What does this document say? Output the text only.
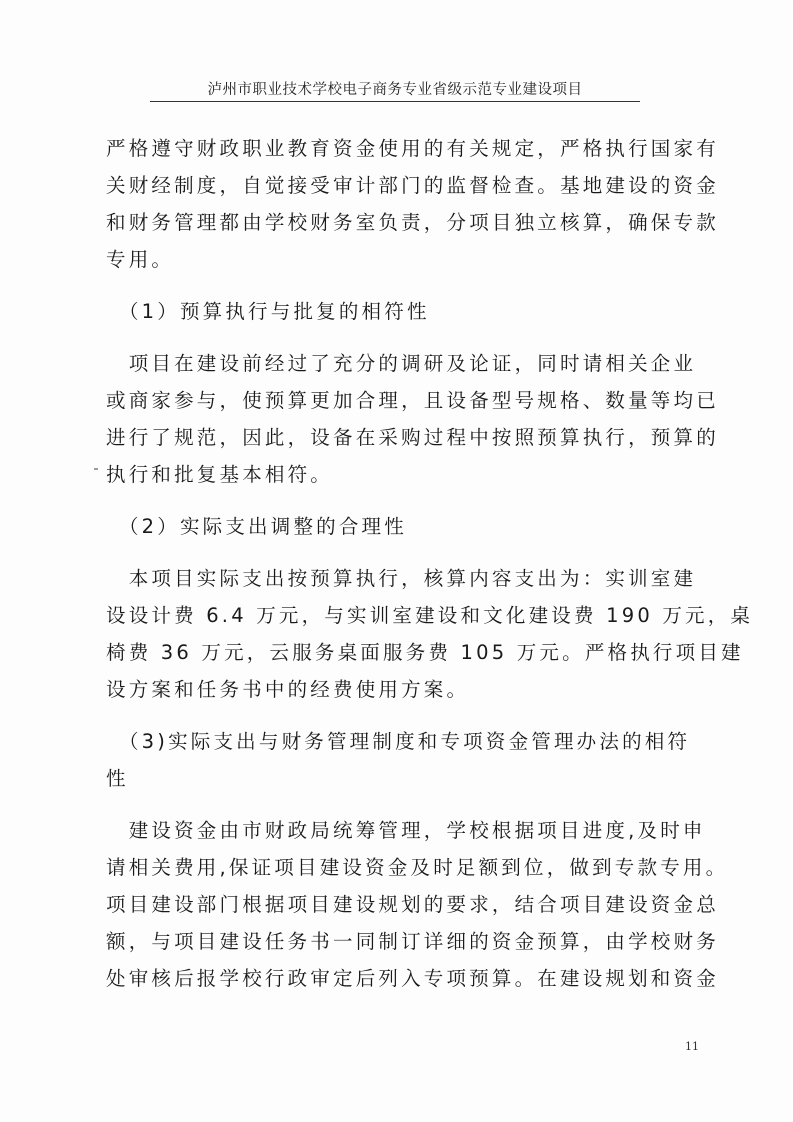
泸州市职业技术学校电子商务专业省级示范专业建设项目
严格遵守财政职业教育资金使用的有关规定，严格执行国家有
关财经制度，自觉接受审计部门的监督检查。基地建设的资金
和财务管理都由学校财务室负责，分项目独立核算，确保专款
专用。
　（1）预算执行与批复的相符性
　项目在建设前经过了充分的调研及论证，同时请相关企业
或商家参与，使预算更加合理，且设备型号规格、数量等均已
进行了规范，因此，设备在采购过程中按照预算执行，预算的
执行和批复基本相符。
　（2）实际支出调整的合理性
　本项目实际支出按预算执行，核算内容支出为：实训室建
设设计费 6.4 万元，与实训室建设和文化建设费 190 万元，桌
椅费 36 万元，云服务桌面服务费 105 万元。严格执行项目建
设方案和任务书中的经费使用方案。
　（3)实际支出与财务管理制度和专项资金管理办法的相符
性
　建设资金由市财政局统筹管理，学校根据项目进度,及时申
请相关费用,保证项目建设资金及时足额到位，做到专款专用。
项目建设部门根据项目建设规划的要求，结合项目建设资金总
额，与项目建设任务书一同制订详细的资金预算，由学校财务
处审核后报学校行政审定后列入专项预算。在建设规划和资金
11
